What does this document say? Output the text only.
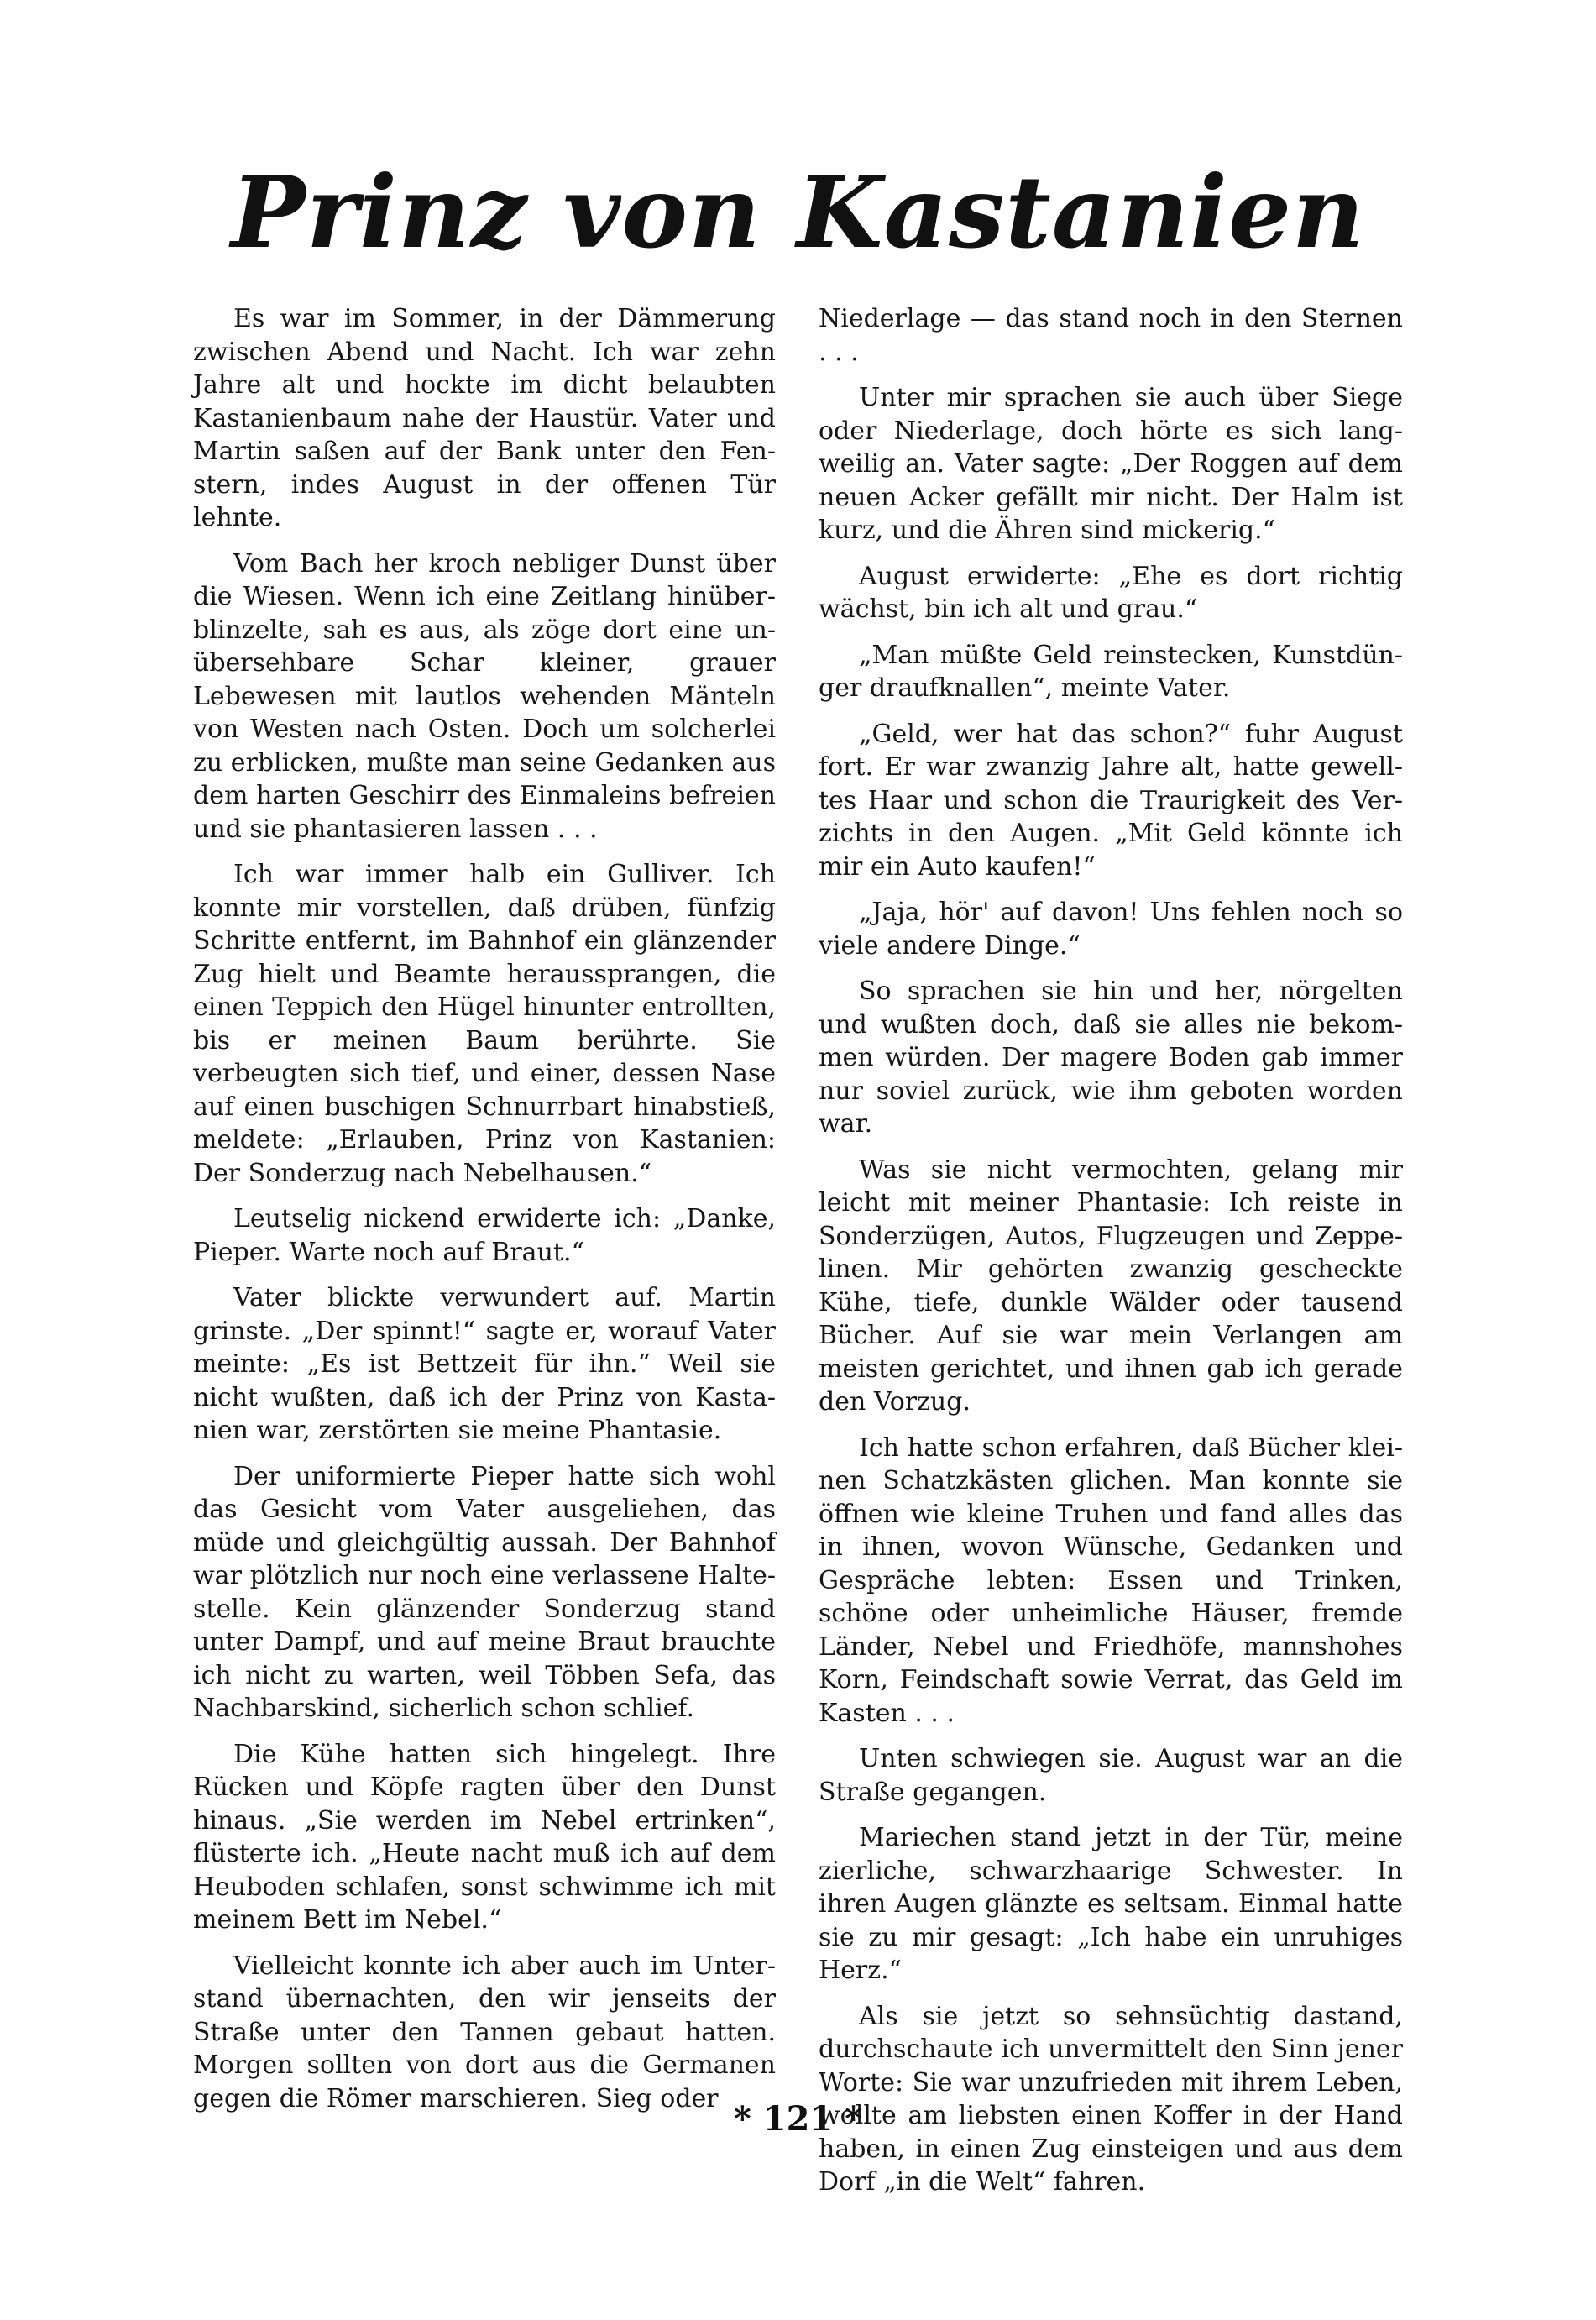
Prinz von Kastanien

Es war im Sommer, in der Dämmerung zwischen Abend und Nacht. Ich war zehn Jahre alt und hockte im dicht belaubten Kastanienbaum nahe der Haustür. Vater und Martin saßen auf der Bank unter den Fenstern, indes August in der offenen Tür lehnte.

Vom Bach her kroch nebliger Dunst über die Wiesen. Wenn ich eine Zeitlang hinüberblinzelte, sah es aus, als zöge dort eine unübersehbare Schar kleiner, grauer Lebewesen mit lautlos wehenden Mänteln von Westen nach Osten. Doch um solcherlei zu erblicken, mußte man seine Gedanken aus dem harten Geschirr des Einmaleins befreien und sie phantasieren lassen . . .

Ich war immer halb ein Gulliver. Ich konnte mir vorstellen, daß drüben, fünfzig Schritte entfernt, im Bahnhof ein glänzender Zug hielt und Beamte heraussprangen, die einen Teppich den Hügel hinunter entrollten, bis er meinen Baum berührte. Sie verbeugten sich tief, und einer, dessen Nase auf einen buschigen Schnurrbart hinabstieß, meldete: „Erlauben, Prinz von Kastanien: Der Sonderzug nach Nebelhausen.“

Leutselig nickend erwiderte ich: „Danke, Pieper. Warte noch auf Braut.“

Vater blickte verwundert auf. Martin grinste. „Der spinnt!“ sagte er, worauf Vater meinte: „Es ist Bettzeit für ihn.“ Weil sie nicht wußten, daß ich der Prinz von Kastanien war, zerstörten sie meine Phantasie.

Der uniformierte Pieper hatte sich wohl das Gesicht vom Vater ausgeliehen, das müde und gleichgültig aussah. Der Bahnhof war plötzlich nur noch eine verlassene Haltestelle. Kein glänzender Sonderzug stand unter Dampf, und auf meine Braut brauchte ich nicht zu warten, weil Többen Sefa, das Nachbarskind, sicherlich schon schlief.

Die Kühe hatten sich hingelegt. Ihre Rücken und Köpfe ragten über den Dunst hinaus. „Sie werden im Nebel ertrinken“, flüsterte ich. „Heute nacht muß ich auf dem Heuboden schlafen, sonst schwimme ich mit meinem Bett im Nebel.“

Vielleicht konnte ich aber auch im Unterstand übernachten, den wir jenseits der Straße unter den Tannen gebaut hatten. Morgen sollten von dort aus die Germanen gegen die Römer marschieren. Sieg oder

Niederlage — das stand noch in den Sternen . . .

Unter mir sprachen sie auch über Siege oder Niederlage, doch hörte es sich langweilig an. Vater sagte: „Der Roggen auf dem neuen Acker gefällt mir nicht. Der Halm ist kurz, und die Ähren sind mickerig.“

August erwiderte: „Ehe es dort richtig wächst, bin ich alt und grau.“

„Man müßte Geld reinstecken, Kunstdünger draufknallen“, meinte Vater.

„Geld, wer hat das schon?“ fuhr August fort. Er war zwanzig Jahre alt, hatte gewelltes Haar und schon die Traurigkeit des Verzichts in den Augen. „Mit Geld könnte ich mir ein Auto kaufen!“

„Jaja, hör' auf davon! Uns fehlen noch so viele andere Dinge.“

So sprachen sie hin und her, nörgelten und wußten doch, daß sie alles nie bekommen würden. Der magere Boden gab immer nur soviel zurück, wie ihm geboten worden war.

Was sie nicht vermochten, gelang mir leicht mit meiner Phantasie: Ich reiste in Sonderzügen, Autos, Flugzeugen und Zeppelinen. Mir gehörten zwanzig gescheckte Kühe, tiefe, dunkle Wälder oder tausend Bücher. Auf sie war mein Verlangen am meisten gerichtet, und ihnen gab ich gerade den Vorzug.

Ich hatte schon erfahren, daß Bücher kleinen Schatzkästen glichen. Man konnte sie öffnen wie kleine Truhen und fand alles das in ihnen, wovon Wünsche, Gedanken und Gespräche lebten: Essen und Trinken, schöne oder unheimliche Häuser, fremde Länder, Nebel und Friedhöfe, mannshohes Korn, Feindschaft sowie Verrat, das Geld im Kasten . . .

Unten schwiegen sie. August war an die Straße gegangen.

Mariechen stand jetzt in der Tür, meine zierliche, schwarzhaarige Schwester. In ihren Augen glänzte es seltsam. Einmal hatte sie zu mir gesagt: „Ich habe ein unruhiges Herz.“

Als sie jetzt so sehnsüchtig dastand, durchschaute ich unvermittelt den Sinn jener Worte: Sie war unzufrieden mit ihrem Leben, wollte am liebsten einen Koffer in der Hand haben, in einen Zug einsteigen und aus dem Dorf „in die Welt“ fahren.

* 121 *
